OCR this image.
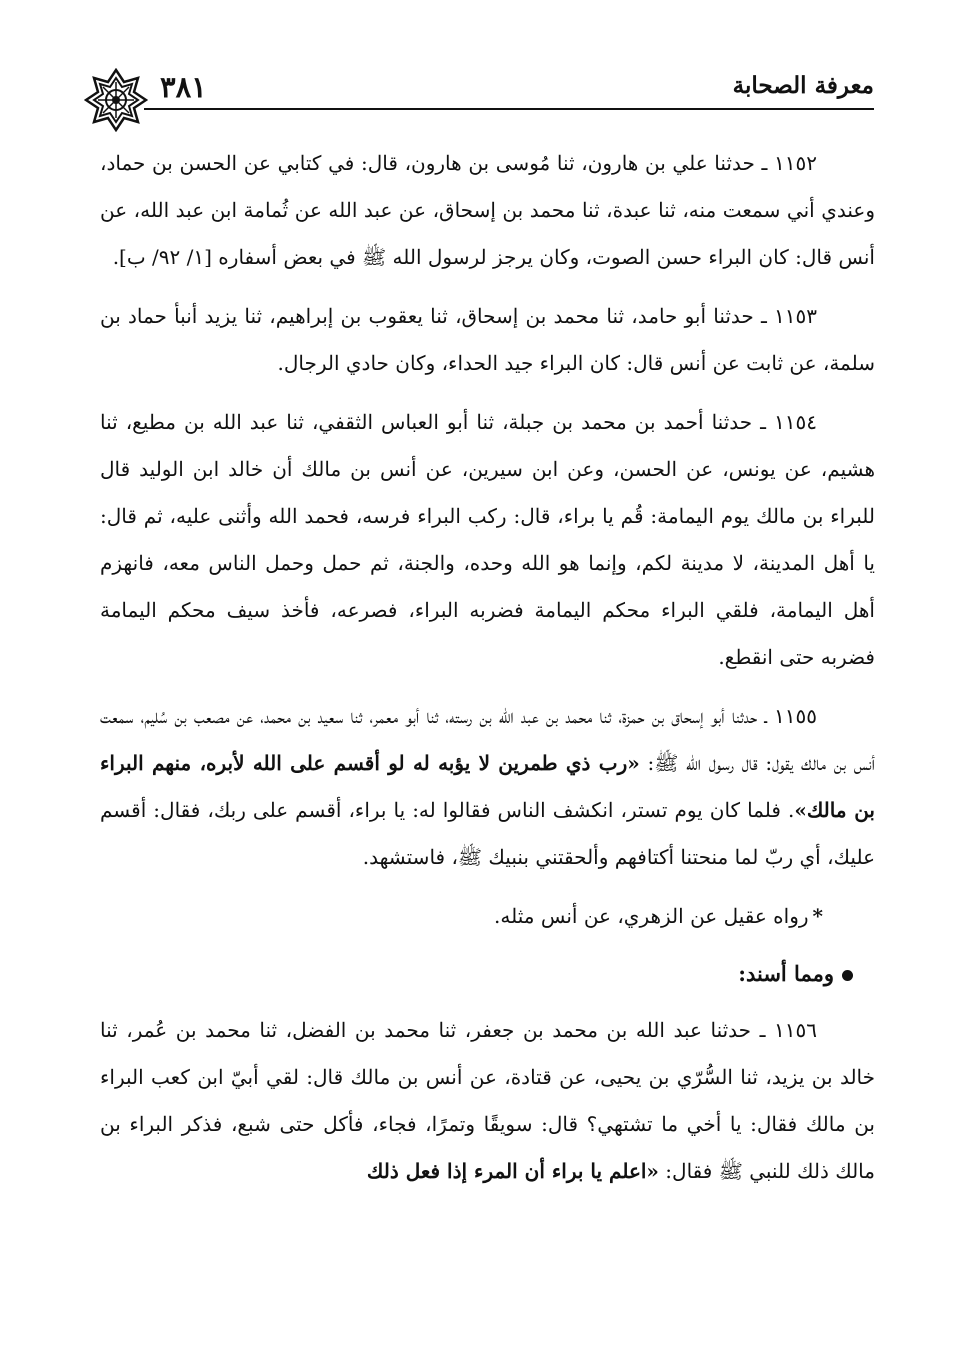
٣٨١	معرفة الصحابة

١١٥٢ ـ حدثنا علي بن هارون، ثنا مُوسى بن هارون، قال: في كتابي عن الحسن بن حماد، وعندي أني سمعت منه، ثنا عبدة، ثنا محمد بن إسحاق، عن عبد الله عن ثُمامة ابن عبد الله، عن أنس قال: كان البراء حسن الصوت، وكان يرجز لرسول الله ﷺ في بعض أسفاره [١/ ٩٢/ ب].

١١٥٣ ـ حدثنا أبو حامد، ثنا محمد بن إسحاق، ثنا يعقوب بن إبراهيم، ثنا يزيد أنبأ حماد بن سلمة، عن ثابت عن أنس قال: كان البراء جيد الحداء، وكان حادي الرجال.

١١٥٤ ـ حدثنا أحمد بن محمد بن جبلة، ثنا أبو العباس الثقفي، ثنا عبد الله بن مطيع، ثنا هشيم، عن يونس، عن الحسن، وعن ابن سيرين، عن أنس بن مالك أن خالد ابن الوليد قال للبراء بن مالك يوم اليمامة: قُم يا براء، قال: ركب البراء فرسه، فحمد الله وأثنى عليه، ثم قال: يا أهل المدينة، لا مدينة لكم، وإنما هو الله وحده، والجنة، ثم حمل وحمل الناس معه، فانهزم أهل اليمامة، فلقي البراء محكم اليمامة فضربه البراء، فصرعه، فأخذ سيف محكم اليمامة فضربه حتى انقطع.

١١٥٥ ـ حدثنا أبو إسحاق بن حمزة، ثنا محمد بن عبد الله بن رسته، ثنا أبو معمر، ثنا سعيد بن محمد، عن مصعب بن سُليم، سمعت أنس بن مالك يقول: قال رسول الله ﷺ: «رب ذي طمرين لا يؤبه له لو أقسم على الله لأبره، منهم البراء بن مالك». فلما كان يوم تستر، انكشف الناس فقالوا له: يا براء، أقسم على ربك، فقال: أقسم عليك، أي ربّ لما منحتنا أكتافهم وألحقتني بنبيك ﷺ، فاستشهد.

*رواه عقيل عن الزهري، عن أنس مثله.

ومما أسند:

١١٥٦ ـ حدثنا عبد الله بن محمد بن جعفر، ثنا محمد بن الفضل، ثنا محمد بن عُمر، ثنا خالد بن يزيد، ثنا السُّرّي بن يحيى، عن قتادة، عن أنس بن مالك قال: لقي أبيّ ابن كعب البراء بن مالك فقال: يا أخي ما تشتهي؟ قال: سويقًا وتمرًا، فجاء، فأكل حتى شبع، فذكر البراء بن مالك ذلك للنبي ﷺ فقال: «اعلم يا براء أن المرء إذا فعل ذلك
